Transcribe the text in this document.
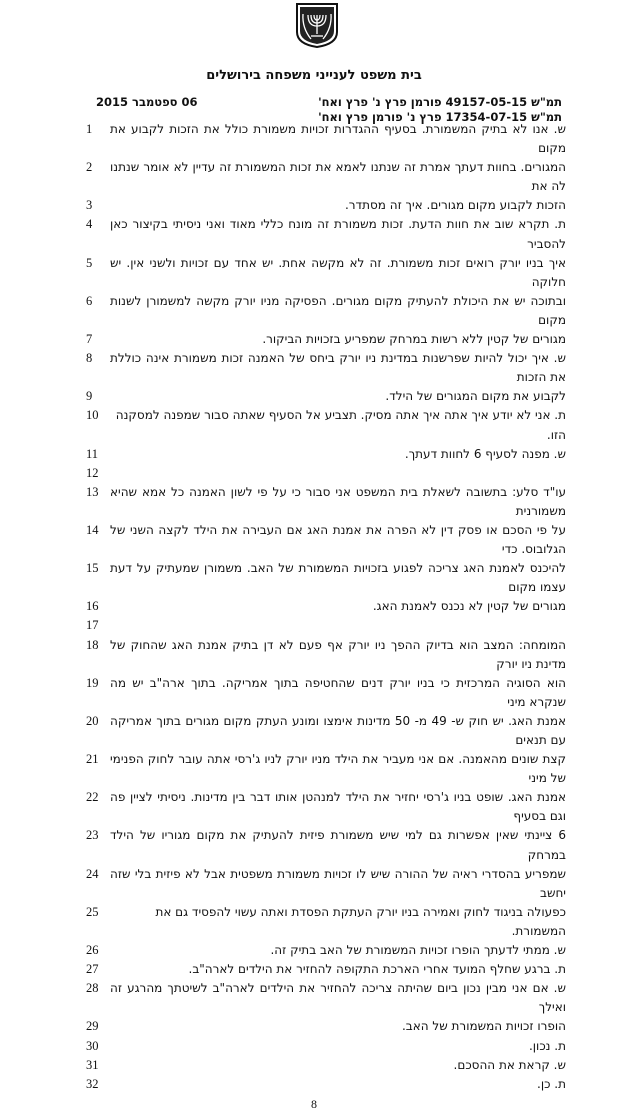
בית משפט לענייני משפחה בירושלים
תמ"ש 49157-05-15 פורמן פרץ נ' פרץ ואח'
תמ"ש 17354-07-15 פרץ נ' פורמן פרץ ואח'
06 ספטמבר 2015
1	ש. אנו לא בתיק המשמורת. בסעיף ההגדרות זכויות משמורת כולל את הזכות לקבוע את מקום
2	המגורים. בחוות דעתך אמרת זה שנתנו לאמא את זכות המשמורת זה עדיין לא אומר שנתנו לה את
3	הזכות לקבוע מקום מגורים. איך זה מסתדר.
4	ת. תקרא שוב את חוות הדעת. זכות משמורת זה מונח כללי מאוד ואני ניסיתי בקיצור כאן להסביר
5	איך בניו יורק רואים זכות משמורת. זה לא מקשה אחת. יש אחד עם זכויות ולשני אין. יש חלוקה
6	ובתוכה יש את היכולת להעתיק מקום מגורים. הפסיקה מניו יורק מקשה למשמורן לשנות מקום
7	מגורים של קטין ללא רשות במרחק שמפריע בזכויות הביקור.
8	ש. איך יכול להיות שפרשנות במדינת ניו יורק ביחס של האמנה זכות משמורת אינה כוללת את הזכות
9	לקבוע את מקום המגורים של הילד.
10	ת. אני לא יודע איך אתה איך אתה מסיק. תצביע אל הסעיף שאתה סבור שמפנה למסקנה הזו.
11	ש. מפנה לסעיף 6 לחוות דעתך.
12
13 עו"ד סלע: בתשובה לשאלת בית המשפט אני סבור כי על פי לשון האמנה כל אמא שהיא משמורנית
14 על פי הסכם או פסק דין לא הפרה את אמנת האג אם העבירה את הילד לקצה השני של הגלובוס. כדי
15 להיכנס לאמנת האג צריכה לפגוע בזכויות המשמורת של האב. משמורן שמעתיק על דעת עצמו מקום
16	מגורים של קטין לא נכנס לאמנת האג.
17
18 המומחה: המצב הוא בדיוק ההפך ניו יורק אף פעם לא דן בתיק אמנת האג שהחוק של מדינת ניו יורק
19 הוא הסוגיה המרכזית כי בניו יורק דנים שהחטיפה בתוך אמריקה. בתוך ארה"ב יש מה שנקרא מיני
20 אמנת האג. יש חוק ש- 49 מ- 50 מדינות אימצו ומונע העתק מקום מגורים בתוך אמריקה עם תנאים
21 קצת שונים מהאמנה. אם אני מעביר את הילד מניו יורק לניו ג'רסי אתה עובר לחוק הפנימי של מיני
22 אמנת האג. שופט בניו ג'רסי יחזיר את הילד למנהטן אותו דבר בין מדינות. ניסיתי לציין פה וגם בסעיף
23 6 ציינתי שאין אפשרות גם למי שיש משמורת פיזית להעתיק את מקום מגוריו של הילד במרחק
24 שמפריע בהסדרי ראיה של ההורה שיש לו זכויות משמורת משפטית אבל לא פיזית בלי שזה יחשב
25	כפעולה בניגוד לחוק ואמירה בניו יורק העתקת הפסדת ואתה עשוי להפסיד גם את המשמורת.
26	ש. ממתי לדעתך הופרו זכויות המשמורת של האב בתיק זה.
27	ת. ברגע שחלף המועד אחרי הארכת התקופה להחזיר את הילדים לארה"ב.
28 ש. אם אני מבין נכון ביום שהיתה צריכה להחזיר את הילדים לארה"ב לשיטתך מהרגע זה ואילך
29	הופרו זכויות המשמורת של האב.
30	ת. נכון.
31	ש. קראת את ההסכם.
32	ת. כן.
8
